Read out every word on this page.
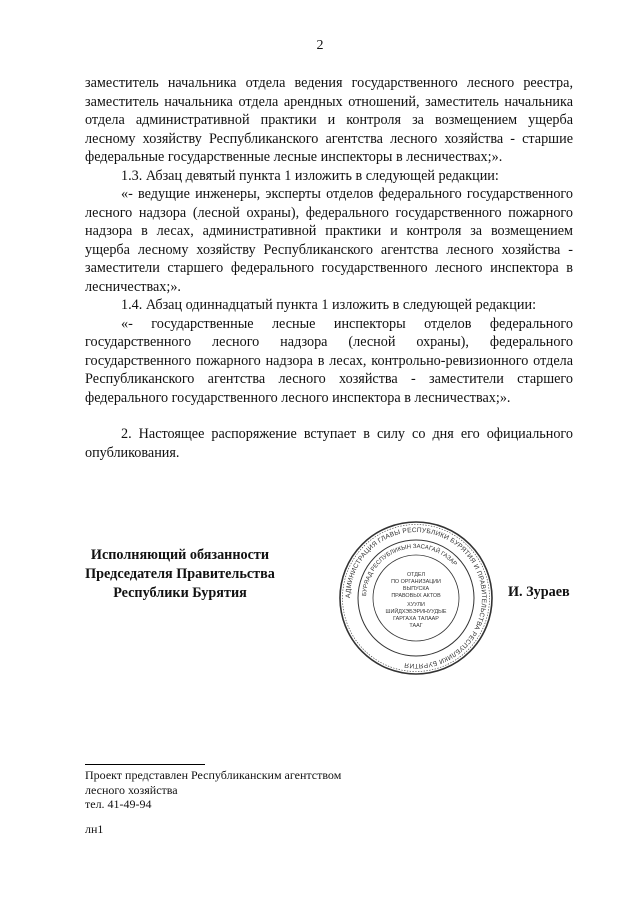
2

заместитель начальника отдела ведения государственного лесного реестра, заместитель начальника отдела арендных отношений, заместитель начальника отдела административной практики и контроля за возмещением ущерба лесному хозяйству Республиканского агентства лесного хозяйства - старшие федеральные государственные лесные инспекторы в лесничествах;».

1.3. Абзац девятый пункта 1 изложить в следующей редакции:

«- ведущие инженеры, эксперты отделов федерального государственного лесного надзора (лесной охраны), федерального государственного пожарного надзора в лесах, административной практики и контроля за возмещением ущерба лесному хозяйству Республиканского агентства лесного хозяйства - заместители старшего федерального государственного лесного инспектора в лесничествах;».

1.4. Абзац одиннадцатый пункта 1 изложить в следующей редакции:

«- государственные лесные инспекторы отделов федерального государственного лесного надзора (лесной охраны), федерального государственного пожарного надзора в лесах, контрольно-ревизионного отдела Республиканского агентства лесного хозяйства - заместители старшего федерального государственного лесного инспектора в лесничествах;».

2. Настоящее распоряжение вступает в силу со дня его официального опубликования.

Исполняющий обязанности
Председателя Правительства
Республики Бурятия	АДМИНИСТРАЦИЯ ГЛАВЫ РЕСПУБЛИКИ БУРЯТИЯ И ПРАВИТЕЛЬСТВА РЕСПУБЛИКИ БУРЯТИЯ
БУРЯАД РЕСПУБЛИКЫН ЗАСАГАЙ ГАЗАР
ОТДЕЛ
ПО ОРГАНИЗАЦИИ
ВЫПУСКА
ПРАВОВЫХ АКТОВ
ХУУЛИ
ШИЙДХЭБЭРИНУУДЫЕ
ГАРГАХА ТАЛААР
ТААГ
И. Зураев
Проект представлен Республиканским агентством
лесного хозяйства
тел. 41-49-94
лн1
